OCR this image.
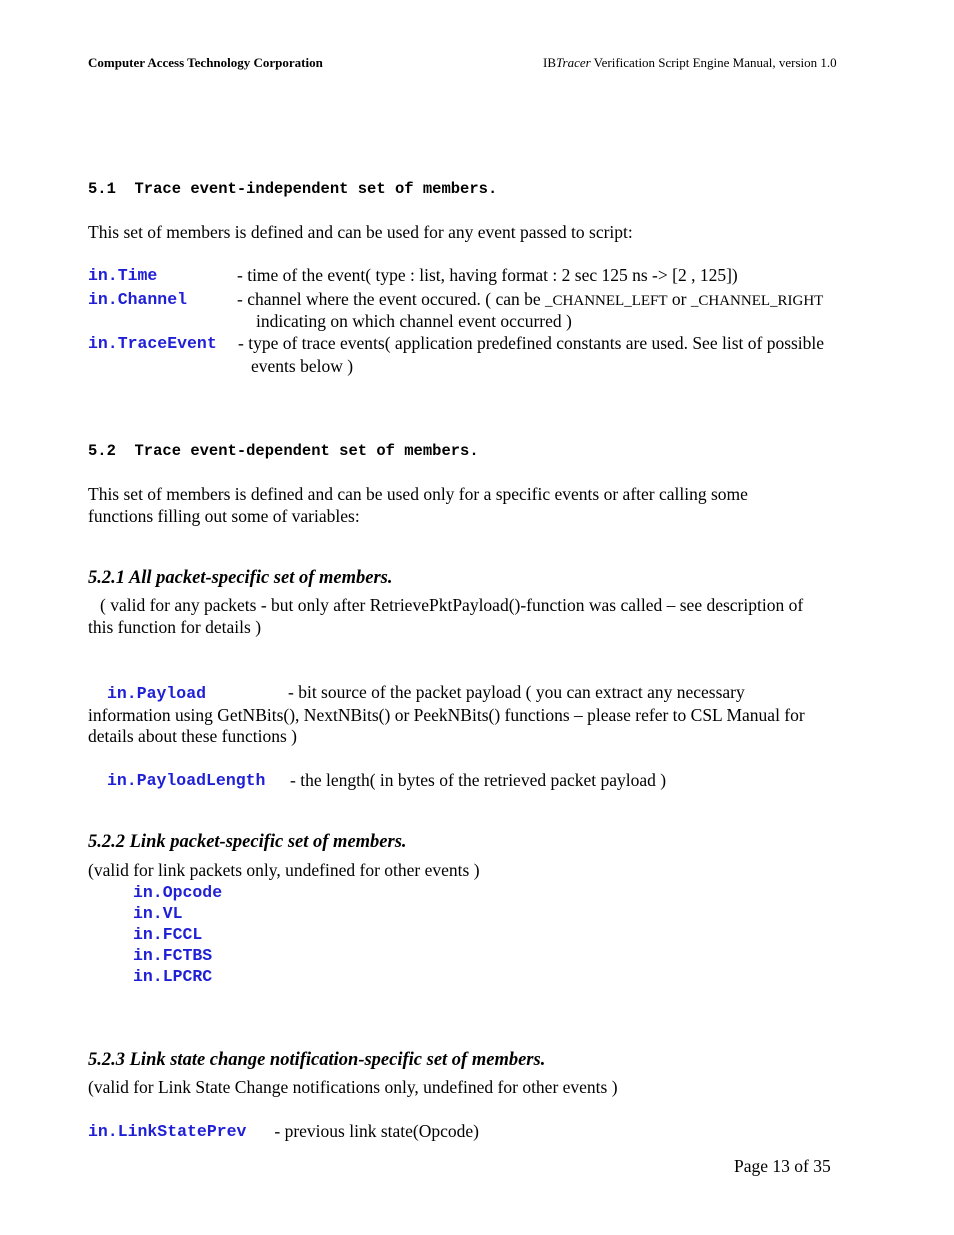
Computer Access Technology Corporation	IBTracer Verification Script Engine Manual, version 1.0
5.1  Trace event-independent set of members.
This set of members is defined and can be used for any event passed to script:
in.Time	- time of the event( type : list, having format : 2 sec 125 ns -> [2 , 125])
in.Channel	- channel where the event occured. ( can be _CHANNEL_LEFT or _CHANNEL_RIGHT
indicating on which channel event occurred )
in.TraceEvent - type of trace events( application predefined constants are used. See list of possible
events below )
5.2  Trace event-dependent set of members.
This set of members is defined and can be used only for a specific events or after calling some
functions filling out some of variables:
5.2.1 All packet-specific set of members.
( valid for any packets - but only after RetrievePktPayload()-function was called – see description of
this function for details )
in.Payload	- bit source of the packet payload ( you can extract any necessary
information using GetNBits(), NextNBits() or PeekNBits() functions – please refer to CSL Manual for
details about these functions )
in.PayloadLength - the length( in bytes of the retrieved packet payload )
5.2.2 Link packet-specific set of members.
(valid for link packets only, undefined for other events )
in.Opcode
in.VL
in.FCCL
in.FCTBS
in.LPCRC
5.2.3 Link state change notification-specific set of members.
(valid for Link State Change notifications only, undefined for other events )
in.LinkStatePrev - previous link state(Opcode)
Page 13 of 35
